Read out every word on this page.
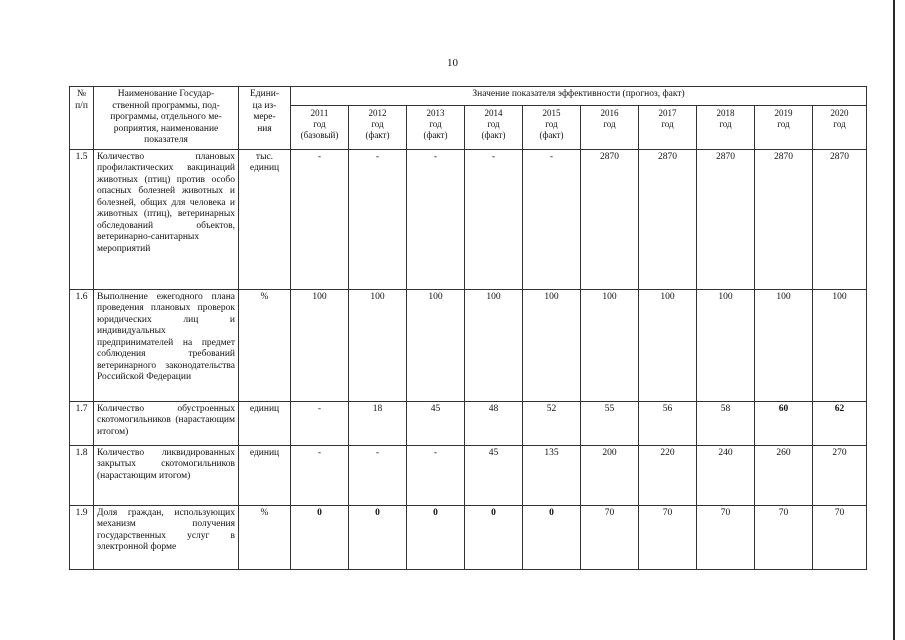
10
№
п/п	Наименование Государ-
ственной программы, под-
программы, отдельного ме-
роприятия, наименование
показателя	Едини-
ца из-
мере-
ния	Значение показателя эффективности (прогноз, факт)									

			2011
год
(базовый)	2012
год
(факт)	2013
год
(факт)	2014
год
(факт)	2015
год
(факт)	2016
год	2017
год	2018
год	2019
год	2020
год

1.5	Количество плановых профилактических вакцинаций животных (птиц) против особо опасных болезней животных и болезней, общих для человека и животных (птиц), ветеринарных обследований объектов, ветеринарно-санитарных мероприятий	тыс. единиц	-	-	-	-	-	2870	2870	2870	2870	2870
1.6	Выполнение ежегодного плана проведения плановых проверок юридических лиц и индивидуальных предпринимателей на предмет соблюдения требований ветеринарного законодательства Российской Федерации	%	100	100	100	100	100	100	100	100	100	100
1.7	Количество обустроенных скотомогильников (нарастающим итогом)	единиц	-	18	45	48	52	55	56	58	60	62
1.8	Количество ликвидированных закрытых скотомогильников (нарастающим итогом)	единиц	-	-	-	45	135	200	220	240	260	270
1.9	Доля граждан, использующих механизм получения государственных услуг в электронной форме	%	0	0	0	0	0	70	70	70	70	70
